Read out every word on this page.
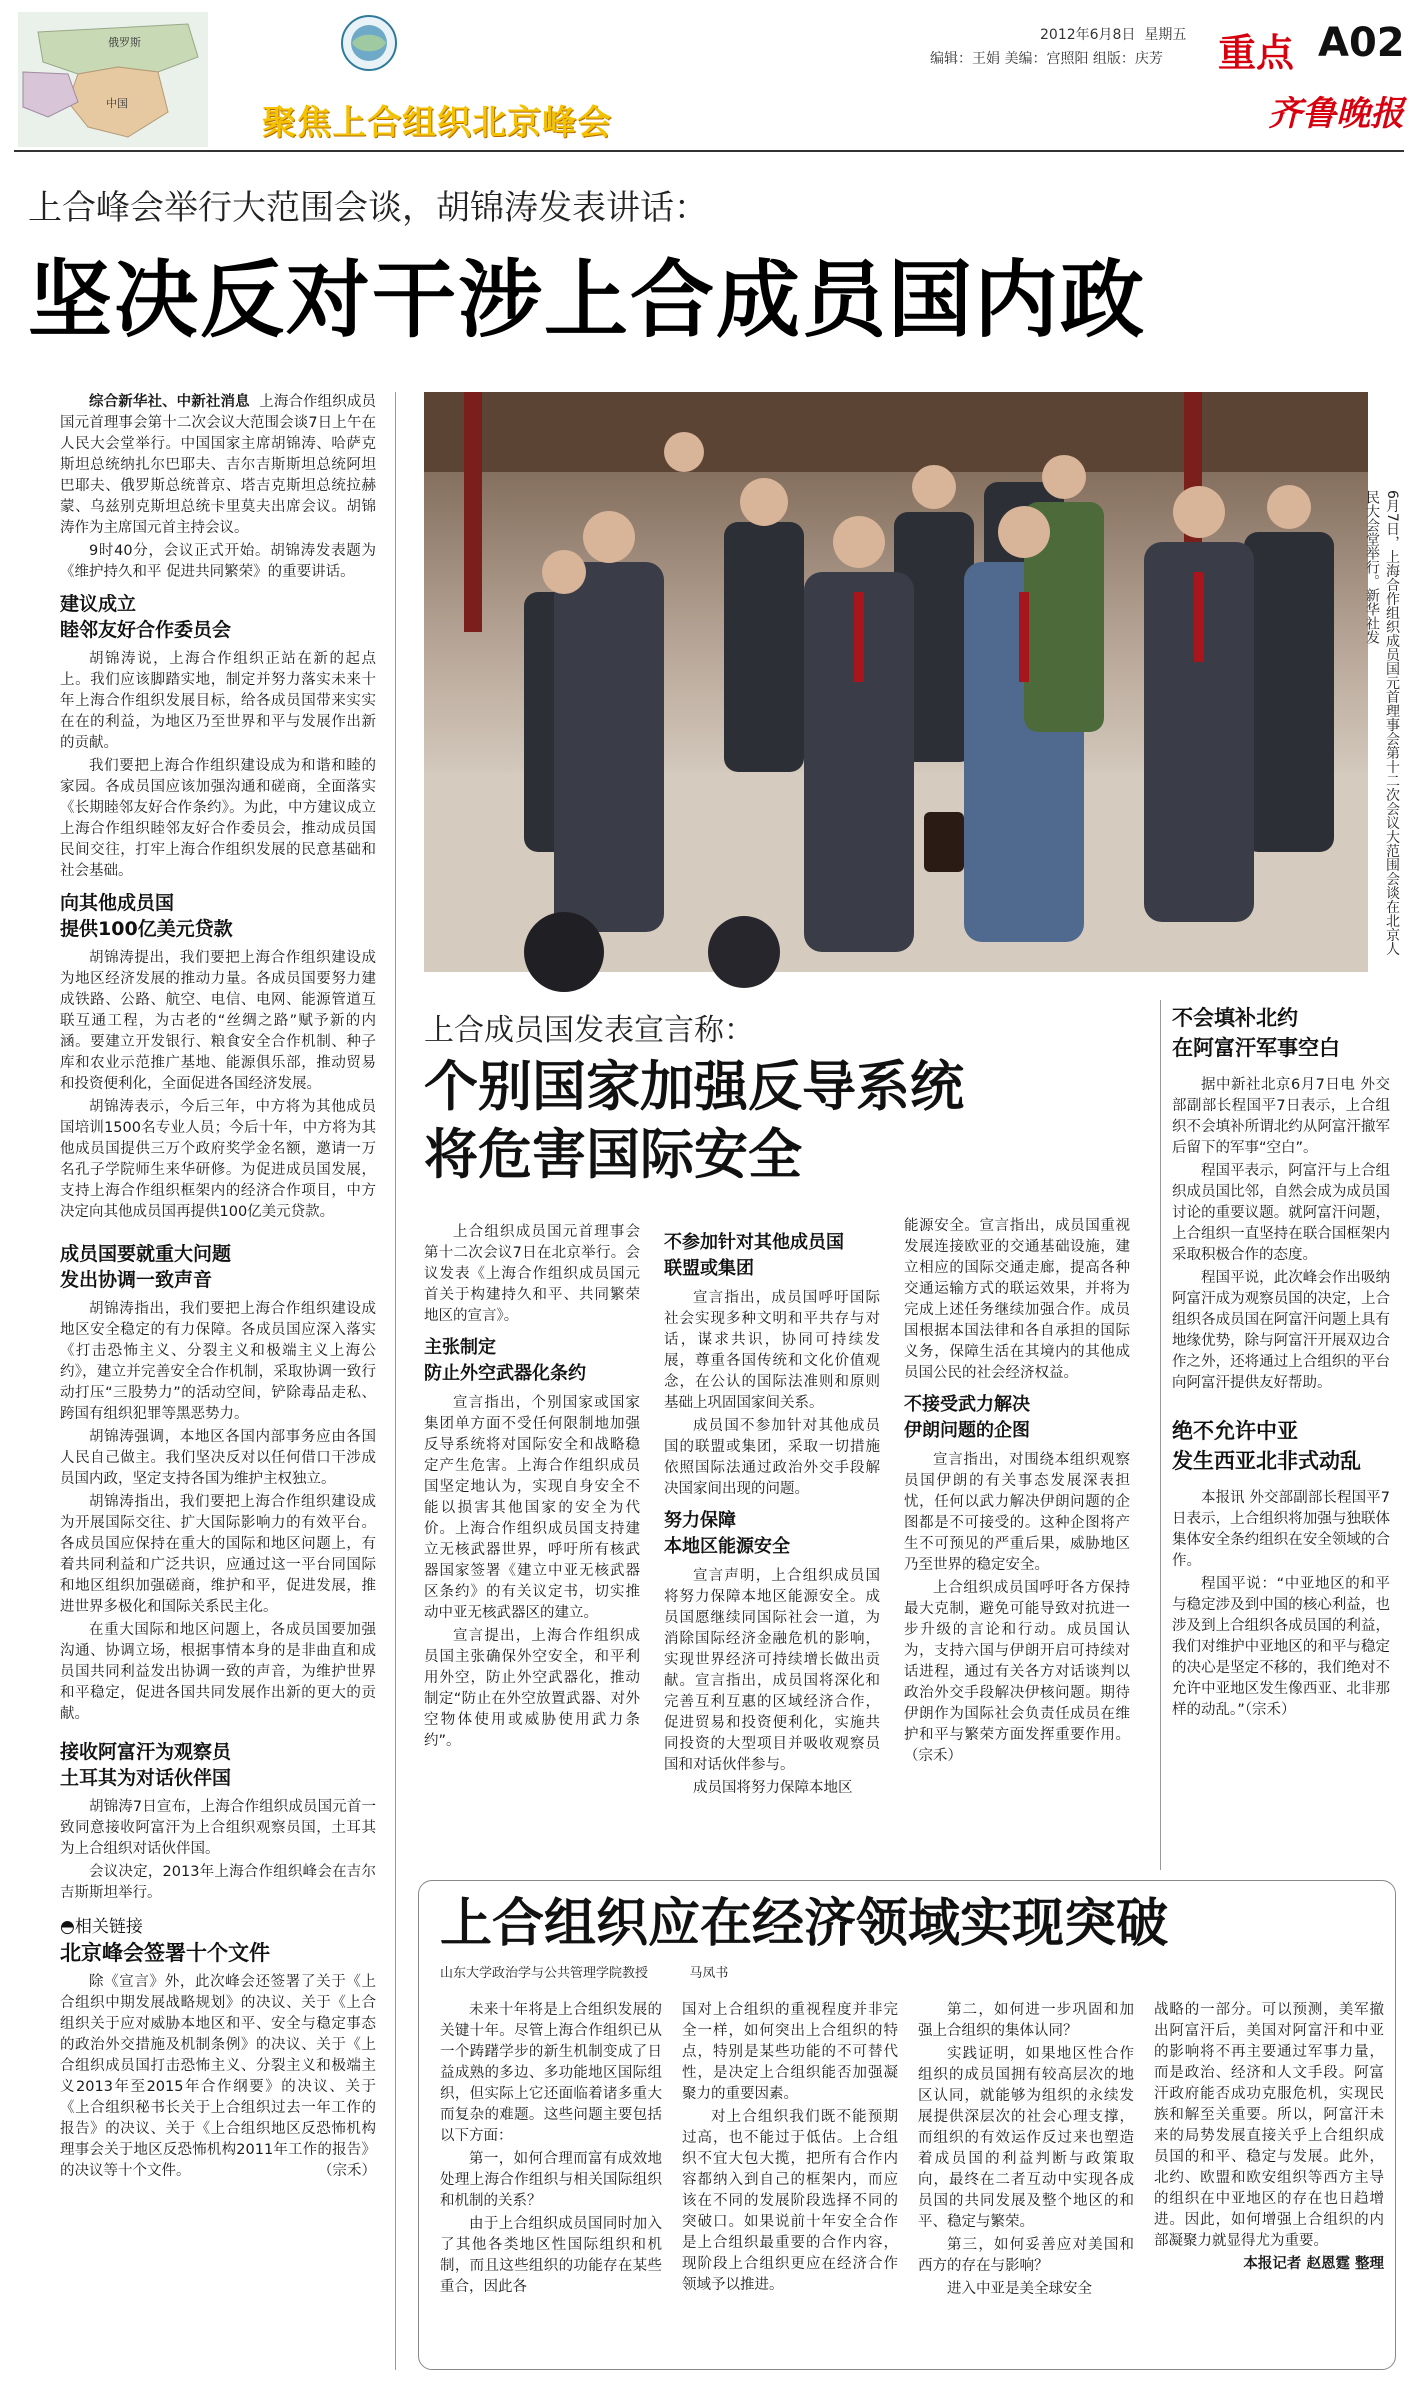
俄罗斯
中国	聚焦上合组织北京峰会
2012年6月8日 星期五
编辑：王娟 美编：宫照阳 组版：庆芳 重点 A02
齐鲁晚报
上合峰会举行大范围会谈，胡锦涛发表讲话：
坚决反对干涉上合成员国内政

综合新华社、中新社消息 上海合作组织成员国元首理事会第十二次会议大范围会谈7日上午在人民大会堂举行。中国国家主席胡锦涛、哈萨克斯坦总统纳扎尔巴耶夫、吉尔吉斯斯坦总统阿坦巴耶夫、俄罗斯总统普京、塔吉克斯坦总统拉赫蒙、乌兹别克斯坦总统卡里莫夫出席会议。胡锦涛作为主席国元首主持会议。

9时40分，会议正式开始。胡锦涛发表题为《维护持久和平 促进共同繁荣》的重要讲话。

建议成立
睦邻友好合作委员会

胡锦涛说，上海合作组织正站在新的起点上。我们应该脚踏实地，制定并努力落实未来十年上海合作组织发展目标，给各成员国带来实实在在的利益，为地区乃至世界和平与发展作出新的贡献。

我们要把上海合作组织建设成为和谐和睦的家园。各成员国应该加强沟通和磋商，全面落实《长期睦邻友好合作条约》。为此，中方建议成立上海合作组织睦邻友好合作委员会，推动成员国民间交往，打牢上海合作组织发展的民意基础和社会基础。

向其他成员国
提供100亿美元贷款

胡锦涛提出，我们要把上海合作组织建设成为地区经济发展的推动力量。各成员国要努力建成铁路、公路、航空、电信、电网、能源管道互联互通工程，为古老的“丝绸之路”赋予新的内涵。要建立开发银行、粮食安全合作机制、种子库和农业示范推广基地、能源俱乐部，推动贸易和投资便利化，全面促进各国经济发展。

胡锦涛表示，今后三年，中方将为其他成员国培训1500名专业人员；今后十年，中方将为其他成员国提供三万个政府奖学金名额，邀请一万名孔子学院师生来华研修。为促进成员国发展，支持上海合作组织框架内的经济合作项目，中方决定向其他成员国再提供100亿美元贷款。

成员国要就重大问题
发出协调一致声音

胡锦涛指出，我们要把上海合作组织建设成地区安全稳定的有力保障。各成员国应深入落实《打击恐怖主义、分裂主义和极端主义上海公约》，建立并完善安全合作机制，采取协调一致行动打压“三股势力”的活动空间，铲除毒品走私、跨国有组织犯罪等黑恶势力。

胡锦涛强调，本地区各国内部事务应由各国人民自己做主。我们坚决反对以任何借口干涉成员国内政，坚定支持各国为维护主权独立。

胡锦涛指出，我们要把上海合作组织建设成为开展国际交往、扩大国际影响力的有效平台。各成员国应保持在重大的国际和地区问题上，有着共同利益和广泛共识，应通过这一平台同国际和地区组织加强磋商，维护和平，促进发展，推进世界多极化和国际关系民主化。

在重大国际和地区问题上，各成员国要加强沟通、协调立场，根据事情本身的是非曲直和成员国共同利益发出协调一致的声音，为维护世界和平稳定，促进各国共同发展作出新的更大的贡献。

接收阿富汗为观察员
土耳其为对话伙伴国

胡锦涛7日宣布，上海合作组织成员国元首一致同意接收阿富汗为上合组织观察员国，土耳其为上合组织对话伙伴国。

会议决定，2013年上海合作组织峰会在吉尔吉斯斯坦举行。

◓相关链接
北京峰会签署十个文件

除《宣言》外，此次峰会还签署了关于《上合组织中期发展战略规划》的决议、关于《上合组织关于应对威胁本地区和平、安全与稳定事态的政治外交措施及机制条例》的决议、关于《上合组织成员国打击恐怖主义、分裂主义和极端主义2013年至2015年合作纲要》的决议、关于《上合组织秘书长关于上合组织过去一年工作的报告》的决议、关于《上合组织地区反恐怖机构理事会关于地区反恐怖机构2011年工作的报告》的决议等十个文件。	（宗禾）

6月7日，上海合作组织成员国元首理事会第十二次会议大范围会谈在北京人民大会堂举行。新华社发
上合成员国发表宣言称：
个别国家加强反导系统
将危害国际安全

上合组织成员国元首理事会第十二次会议7日在北京举行。会议发表《上海合作组织成员国元首关于构建持久和平、共同繁荣地区的宣言》。

主张制定
防止外空武器化条约

宣言指出，个别国家或国家集团单方面不受任何限制地加强反导系统将对国际安全和战略稳定产生危害。上海合作组织成员国坚定地认为，实现自身安全不能以损害其他国家的安全为代价。上海合作组织成员国支持建立无核武器世界，呼吁所有核武器国家签署《建立中亚无核武器区条约》的有关议定书，切实推动中亚无核武器区的建立。

宣言提出，上海合作组织成员国主张确保外空安全，和平利用外空，防止外空武器化，推动制定“防止在外空放置武器、对外空物体使用或威胁使用武力条约”。

不参加针对其他成员国
联盟或集团

宣言指出，成员国呼吁国际社会实现多种文明和平共存与对话，谋求共识，协同可持续发展，尊重各国传统和文化价值观念，在公认的国际法准则和原则基础上巩固国家间关系。

成员国不参加针对其他成员国的联盟或集团，采取一切措施依照国际法通过政治外交手段解决国家间出现的问题。

努力保障
本地区能源安全

宣言声明，上合组织成员国将努力保障本地区能源安全。成员国愿继续同国际社会一道，为消除国际经济金融危机的影响，实现世界经济可持续增长做出贡献。宣言指出，成员国将深化和完善互利互惠的区域经济合作，促进贸易和投资便利化，实施共同投资的大型项目并吸收观察员国和对话伙伴参与。

成员国将努力保障本地区

能源安全。宣言指出，成员国重视发展连接欧亚的交通基础设施，建立相应的国际交通走廊，提高各种交通运输方式的联运效果，并将为完成上述任务继续加强合作。成员国根据本国法律和各自承担的国际义务，保障生活在其境内的其他成员国公民的社会经济权益。

不接受武力解决
伊朗问题的企图

宣言指出，对围绕本组织观察员国伊朗的有关事态发展深表担忧，任何以武力解决伊朗问题的企图都是不可接受的。这种企图将产生不可预见的严重后果，威胁地区乃至世界的稳定安全。

上合组织成员国呼吁各方保持最大克制，避免可能导致对抗进一步升级的言论和行动。成员国认为，支持六国与伊朗开启可持续对话进程，通过有关各方对话谈判以政治外交手段解决伊核问题。期待伊朗作为国际社会负责任成员在维护和平与繁荣方面发挥重要作用。（宗禾）

不会填补北约
在阿富汗军事空白

据中新社北京6月7日电 外交部副部长程国平7日表示，上合组织不会填补所谓北约从阿富汗撤军后留下的军事“空白”。

程国平表示，阿富汗与上合组织成员国比邻，自然会成为成员国讨论的重要议题。就阿富汗问题，上合组织一直坚持在联合国框架内采取积极合作的态度。

程国平说，此次峰会作出吸纳阿富汗成为观察员国的决定，上合组织各成员国在阿富汗问题上具有地缘优势，除与阿富汗开展双边合作之外，还将通过上合组织的平台向阿富汗提供友好帮助。

绝不允许中亚
发生西亚北非式动乱

本报讯 外交部副部长程国平7日表示，上合组织将加强与独联体集体安全条约组织在安全领域的合作。

程国平说：“中亚地区的和平与稳定涉及到中国的核心利益，也涉及到上合组织各成员国的利益，我们对维护中亚地区的和平与稳定的决心是坚定不移的，我们绝对不允许中亚地区发生像西亚、北非那样的动乱。”（宗禾）

上合组织应在经济领域实现突破
山东大学政治学与公共管理学院教授          马凤书

未来十年将是上合组织发展的关键十年。尽管上海合作组织已从一个踌躇学步的新生机制变成了日益成熟的多边、多功能地区国际组织，但实际上它还面临着诸多重大而复杂的难题。这些问题主要包括以下方面：

第一，如何合理而富有成效地处理上海合作组织与相关国际组织和机制的关系？

由于上合组织成员国同时加入了其他各类地区性国际组织和机制，而且这些组织的功能存在某些重合，因此各

国对上合组织的重视程度并非完全一样，如何突出上合组织的特点，特别是某些功能的不可替代性，是决定上合组织能否加强凝聚力的重要因素。

对上合组织我们既不能预期过高，也不能过于低估。上合组织不宜大包大揽，把所有合作内容都纳入到自己的框架内，而应该在不同的发展阶段选择不同的突破口。如果说前十年安全合作是上合组织最重要的合作内容，现阶段上合组织更应在经济合作领域予以推进。

第二，如何进一步巩固和加强上合组织的集体认同？

实践证明，如果地区性合作组织的成员国拥有较高层次的地区认同，就能够为组织的永续发展提供深层次的社会心理支撑，而组织的有效运作反过来也塑造着成员国的利益判断与政策取向，最终在二者互动中实现各成员国的共同发展及整个地区的和平、稳定与繁荣。

第三，如何妥善应对美国和西方的存在与影响？

进入中亚是美全球安全

战略的一部分。可以预测，美军撤出阿富汗后，美国对阿富汗和中亚的影响将不再主要通过军事力量，而是政治、经济和人文手段。阿富汗政府能否成功克服危机，实现民族和解至关重要。所以，阿富汗未来的局势发展直接关乎上合组织成员国的和平、稳定与发展。此外，北约、欧盟和欧安组织等西方主导的组织在中亚地区的存在也日趋增进。因此，如何增强上合组织的内部凝聚力就显得尤为重要。

本报记者 赵恩霆 整理
